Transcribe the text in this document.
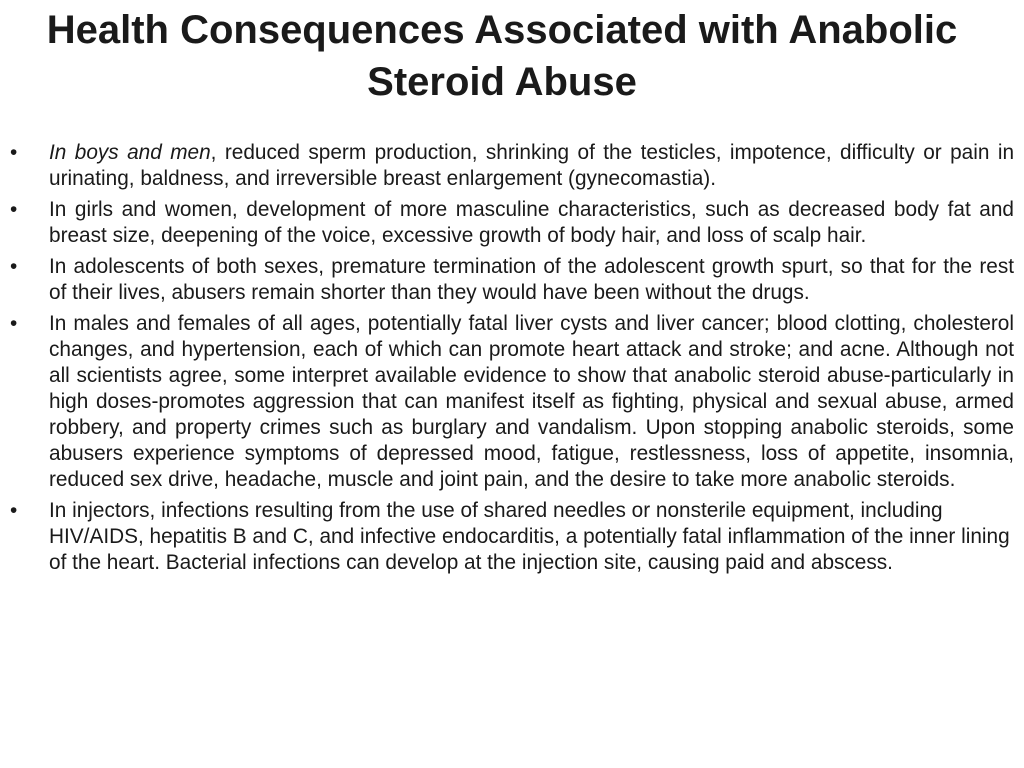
Health Consequences Associated with Anabolic Steroid Abuse
•	In boys and men, reduced sperm production, shrinking of the testicles, impotence, difficulty or pain in urinating, baldness, and irreversible breast enlargement (gynecomastia).
•	In girls and women, development of more masculine characteristics, such as decreased body fat and breast size, deepening of the voice, excessive growth of body hair, and loss of scalp hair.
•	In adolescents of both sexes, premature termination of the adolescent growth spurt, so that for the rest of their lives, abusers remain shorter than they would have been without the drugs.
•	In males and females of all ages, potentially fatal liver cysts and liver cancer; blood clotting, cholesterol changes, and hypertension, each of which can promote heart attack and stroke; and acne. Although not all scientists agree, some interpret available evidence to show that anabolic steroid abuse-particularly in high doses-promotes aggression that can manifest itself as fighting, physical and sexual abuse, armed robbery, and property crimes such as burglary and vandalism. Upon stopping anabolic steroids, some abusers experience symptoms of depressed mood, fatigue, restlessness, loss of appetite, insomnia, reduced sex drive, headache, muscle and joint pain, and the desire to take more anabolic steroids.
•	In injectors, infections resulting from the use of shared needles or nonsterile equipment, including HIV/AIDS, hepatitis B and C, and infective endocarditis, a potentially fatal inflammation of the inner lining of the heart. Bacterial infections can develop at the injection site, causing paid and abscess.
